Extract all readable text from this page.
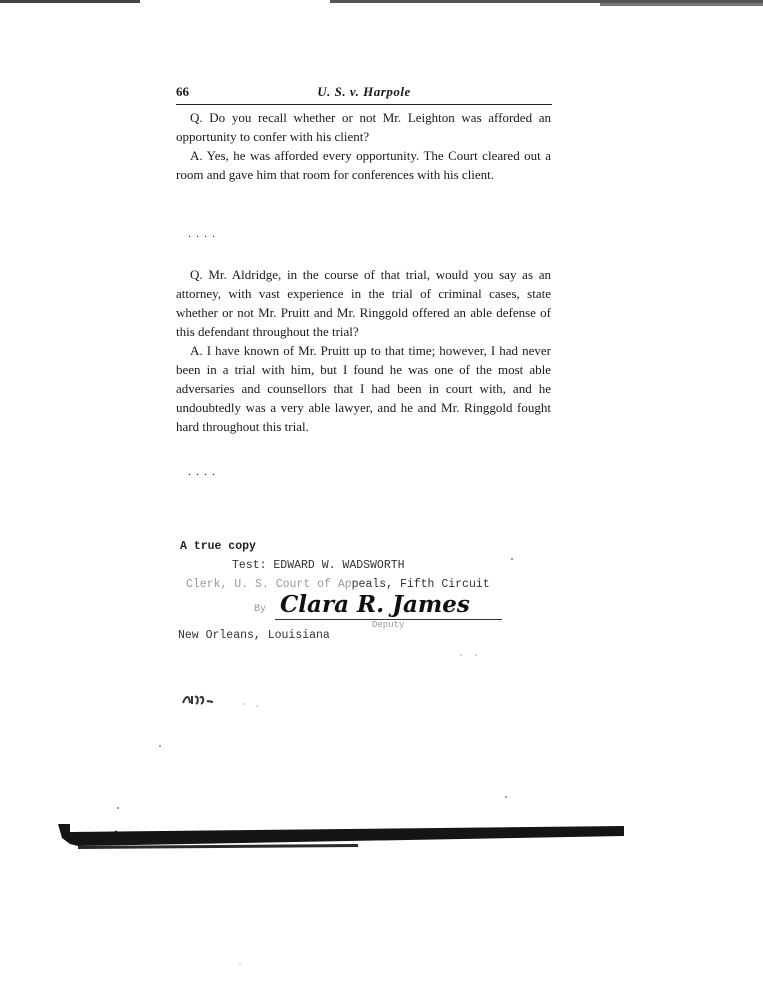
66	U. S. v. Harpole

Q. Do you recall whether or not Mr. Leighton was afforded an opportunity to confer with his client?

A. Yes, he was afforded every opportunity. The Court cleared out a room and gave him that room for conferences with his client.

....

Q. Mr. Aldridge, in the course of that trial, would you say as an attorney, with vast experience in the trial of criminal cases, state whether or not Mr. Pruitt and Mr. Ringgold offered an able defense of this defendant throughout the trial?

A. I have known of Mr. Pruitt up to that time; however, I had never been in a trial with him, but I found he was one of the most able adversaries and counsellors that I had been in court with, and he undoubtedly was a very able lawyer, and he and Mr. Ringgold fought hard throughout this trial.

....
A true copy
Test: EDWARD W. WADSWORTH
Clerk, U. S. Court of Appeals, Fifth Circuit
By Clara R. James
Deputy
New Orleans, Louisiana
